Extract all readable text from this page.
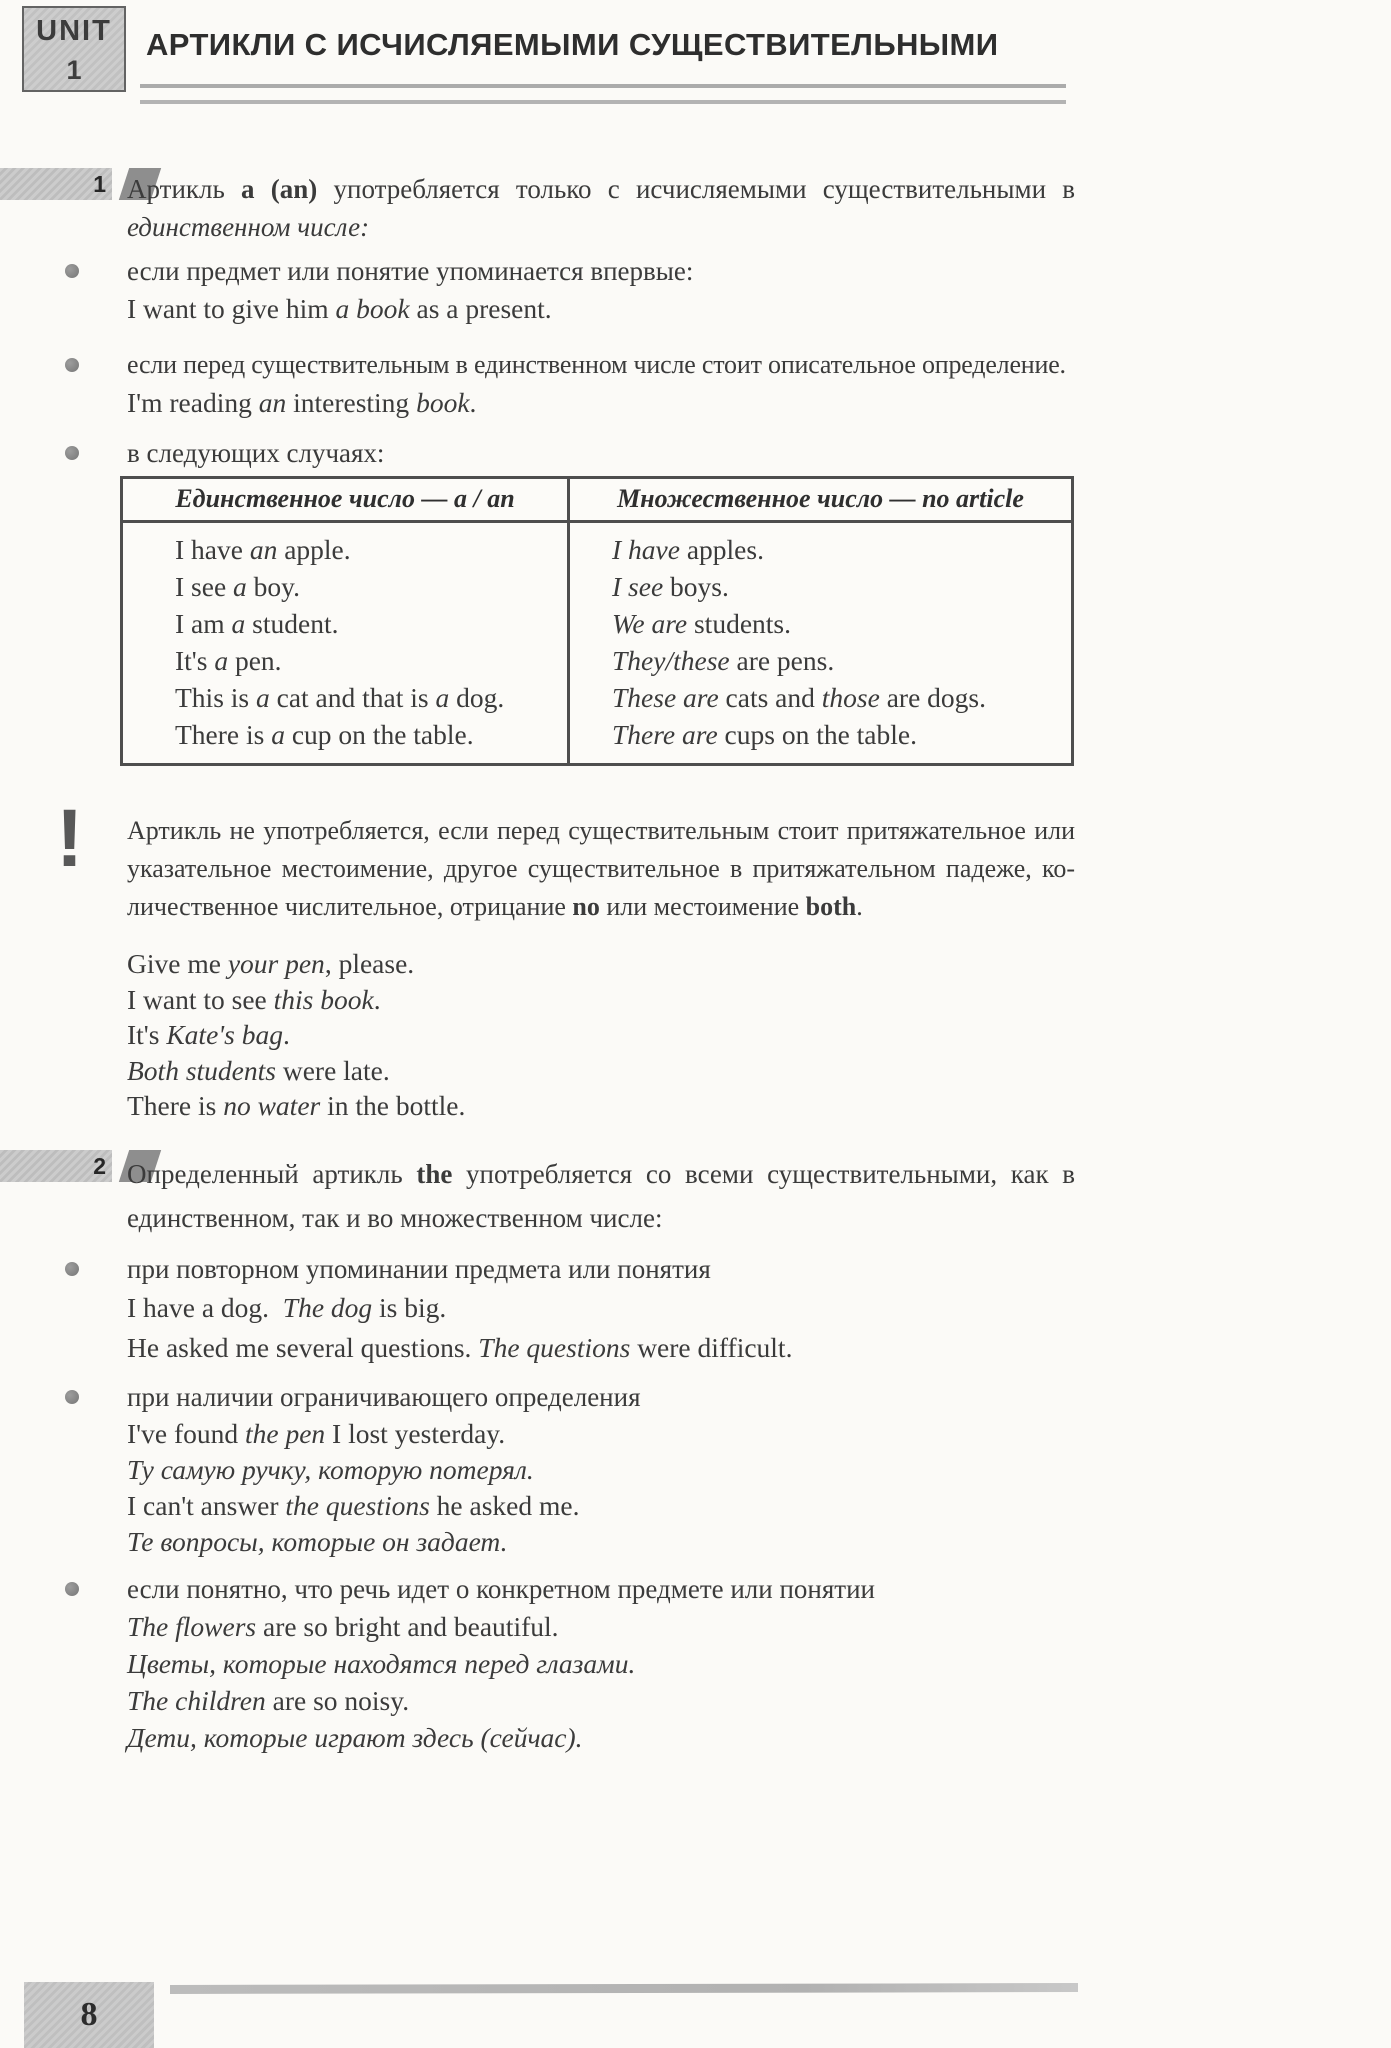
UNIT
1
АРТИКЛИ С ИСЧИСЛЯЕМЫМИ СУЩЕСТВИТЕЛЬНЫМИ
1 Артикль a (an) употребляется только с исчисляемыми существительными в
единственном числе:
если предмет или понятие упоминается впервые:
I want to give him a book as a present.
если перед существительным в единственном числе стоит описательное определение.
I'm reading an interesting book.
в следующих случаях:
Единственное число — a / an	Множественное число — no article
I have an apple.
I see a boy.
I am a student.
It's a pen.
This is a cat and that is a dog.
There is a cup on the table.
I have apples.
I see boys.
We are students.
They/these are pens.
These are cats and those are dogs.
There are cups on the table.
! Артикль не употребляется, если перед существительным стоит притяжательное или
указательное местоимение, другое существительное в притяжательном падеже, ко-
личественное числительное, отрицание no или местоимение both.
Give me your pen, please.
I want to see this book.
It's Kate's bag.
Both students were late.
There is no water in the bottle.
2 Определенный артикль the употребляется со всеми существительными, как в
единственном, так и во множественном числе:
при повторном упоминании предмета или понятия
I have a dog.  The dog is big.
He asked me several questions. The questions were difficult.
при наличии ограничивающего определения
I've found the pen I lost yesterday.
Ту самую ручку, которую потерял.
I can't answer the questions he asked me.
Те вопросы, которые он задает.
если понятно, что речь идет о конкретном предмете или понятии
The flowers are so bright and beautiful.
Цветы, которые находятся перед глазами.
The children are so noisy.
Дети, которые играют здесь (сейчас).
8
